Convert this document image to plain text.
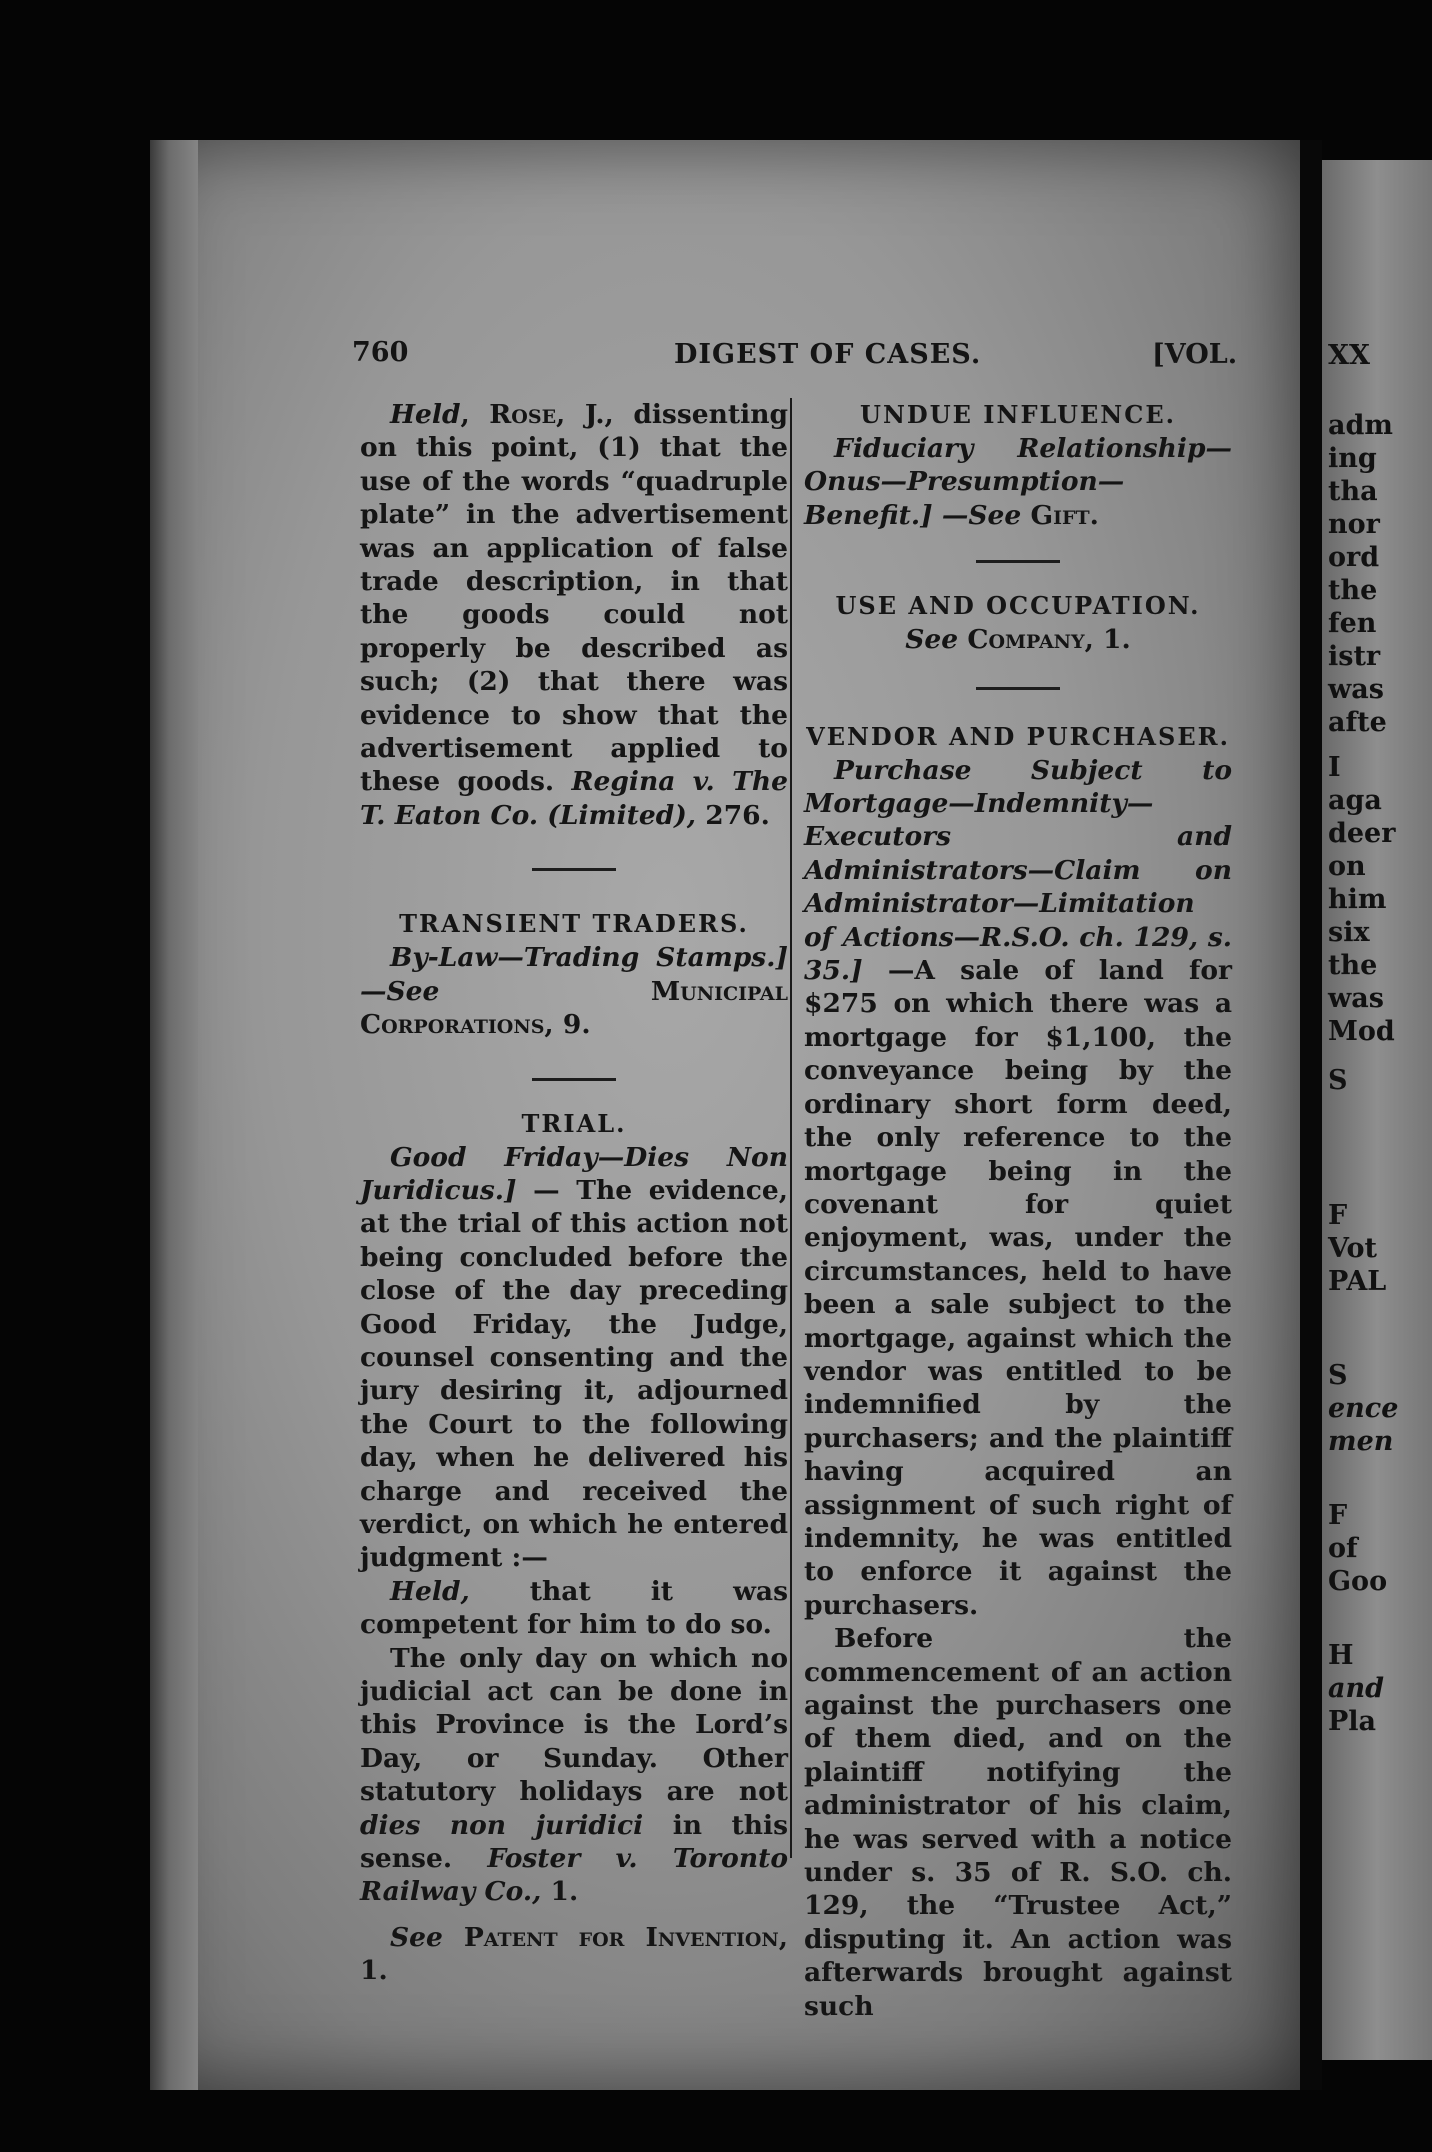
XX
adm
ing
tha
nor
ord
the
fen
istr
was
afte
I
aga
deer
on
him
six
the
was
Mod
S
F
Vot
PAL
S
ence
men
F
of
Goo
H
and
Pla
760	DIGEST OF CASES.	[VOL.

Held, Rose, J., dissenting on this point, (1) that the use of the words “quadruple plate” in the advertisement was an application of false trade description, in that the goods could not properly be described as such; (2) that there was evidence to show that the advertisement applied to these goods. Regina v. The T. Eaton Co. (Limited), 276.

TRANSIENT TRADERS.

By-Law—Trading Stamps.] —See	Municipal Corporations, 9.

TRIAL.

Good Friday—Dies Non Juridicus.] — The evidence, at the trial of this action not being concluded before the close of the day preceding Good Friday, the Judge, counsel consenting and the jury desiring it, adjourned the Court to the following day, when he delivered his charge and received the verdict, on which he entered judgment :—

Held, that it was competent for him to do so.

The only day on which no judicial act can be done in this Province is the Lord’s Day, or Sunday. Other statutory holidays are not dies non juridici in this sense. Foster v. Toronto Railway Co., 1.

See Patent for Invention, 1.

UNDUE INFLUENCE.

Fiduciary Relationship—Onus—Presumption—Benefit.] —See Gift.

USE AND OCCUPATION.

See Company, 1.

VENDOR AND PURCHASER.

Purchase Subject to Mortgage—Indemnity—Executors and Administrators—Claim on Administrator—Limitation of Actions—R.S.O. ch. 129, s. 35.] —A sale of land for $275 on which there was a mortgage for $1,100, the conveyance being by the ordinary short form deed, the only reference to the mortgage being in the covenant for quiet enjoyment, was, under the circumstances, held to have been a sale subject to the mortgage, against which the vendor was entitled to be indemnified by the purchasers; and the plaintiff having acquired an assignment of such right of indemnity, he was entitled to enforce it against the purchasers.

Before the commencement of an action against the purchasers one of them died, and on the plaintiff notifying the administrator of his claim, he was served with a notice under s. 35 of R. S.O. ch. 129, the “Trustee Act,” disputing it. An action was afterwards brought against such
